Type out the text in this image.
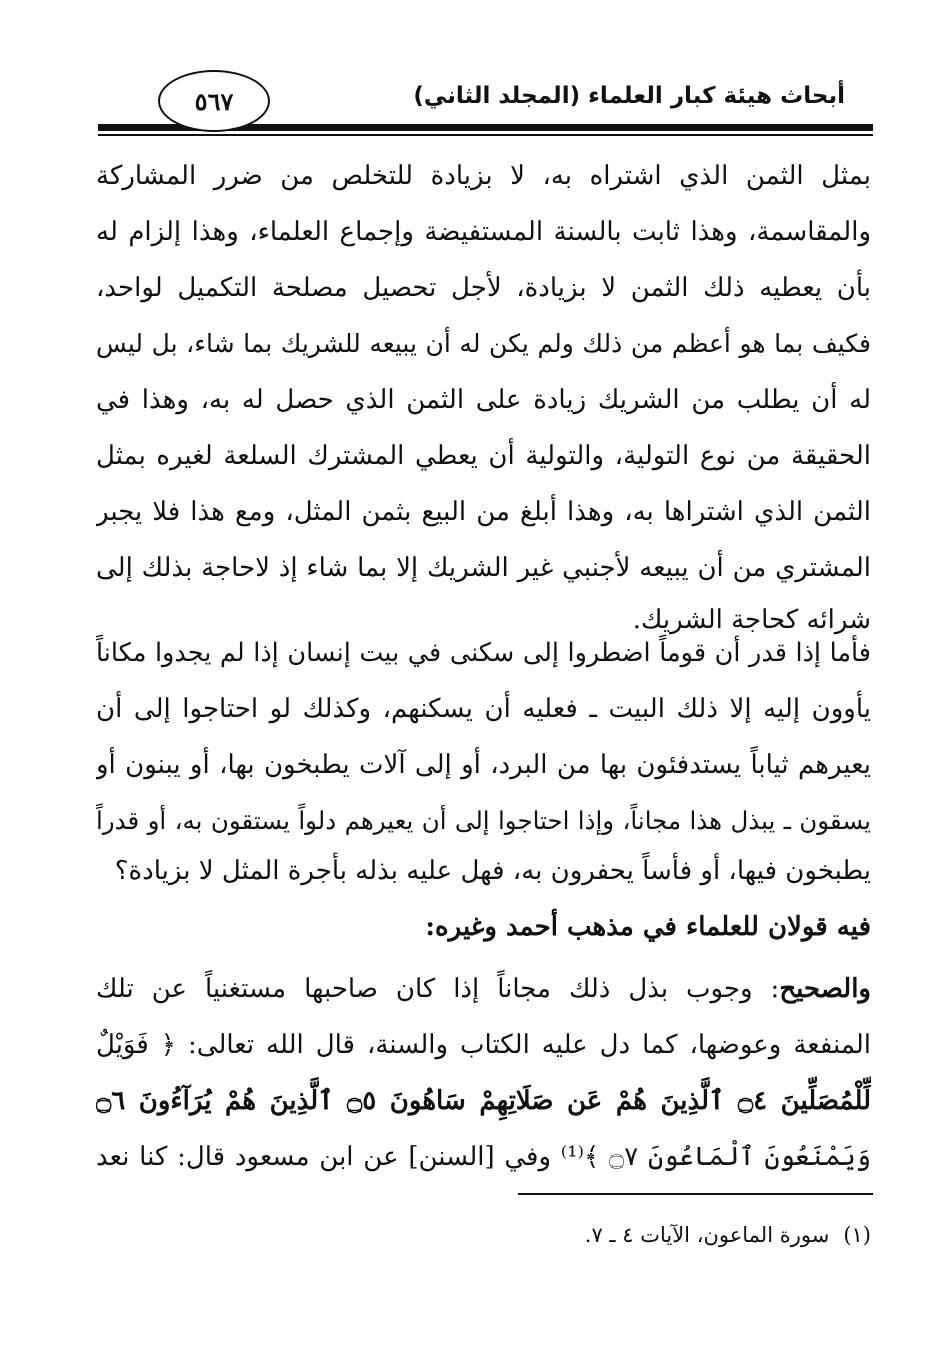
أبحاث هيئة كبار العلماء (المجلد الثاني)
٥٦٧
بمثل الثمن الذي اشتراه به، لا بزيادة للتخلص من ضرر المشاركة
والمقاسمة، وهذا ثابت بالسنة المستفيضة وإجماع العلماء، وهذا إلزام له
بأن يعطيه ذلك الثمن لا بزيادة، لأجل تحصيل مصلحة التكميل لواحد،
فكيف بما هو أعظم من ذلك ولم يكن له أن يبيعه للشريك بما شاء، بل ليس
له أن يطلب من الشريك زيادة على الثمن الذي حصل له به، وهذا في
الحقيقة من نوع التولية، والتولية أن يعطي المشترك السلعة لغيره بمثل
الثمن الذي اشتراها به، وهذا أبلغ من البيع بثمن المثل، ومع هذا فلا يجبر
المشتري من أن يبيعه لأجنبي غير الشريك إلا بما شاء إذ لاحاجة بذلك إلى
شرائه كحاجة الشريك.
فأما إذا قدر أن قوماً اضطروا إلى سكنى في بيت إنسان إذا لم يجدوا مكاناً
يأوون إليه إلا ذلك البيت ـ فعليه أن يسكنهم، وكذلك لو احتاجوا إلى أن
يعيرهم ثياباً يستدفئون بها من البرد، أو إلى آلات يطبخون بها، أو يبنون أو
يسقون ـ يبذل هذا مجاناً، وإذا احتاجوا إلى أن يعيرهم دلواً يستقون به، أو قدراً
يطبخون فيها، أو فأساً يحفرون به، فهل عليه بذله بأجرة المثل لا بزيادة؟
فيه قولان للعلماء في مذهب أحمد وغيره:
والصحيح: وجوب بذل ذلك مجاناً إذا كان صاحبها مستغنياً عن تلك
المنفعة وعوضها، كما دل عليه الكتاب والسنة، قال الله تعالى: ﴿ فَوَيْلٌ
لِّلْمُصَلِّينَ ۝٤ ٱلَّذِينَ هُمْ عَن صَلَاتِهِمْ سَاهُونَ ۝٥ ٱلَّذِينَ هُمْ يُرَآءُونَ ۝٦
وَيَمْنَعُونَ ٱلْمَاعُونَ ۝٧ ﴾⁽¹⁾ وفي [السنن] عن ابن مسعود قال: كنا نعد
(١)سورة الماعون، الآيات ٤ ـ ٧.
